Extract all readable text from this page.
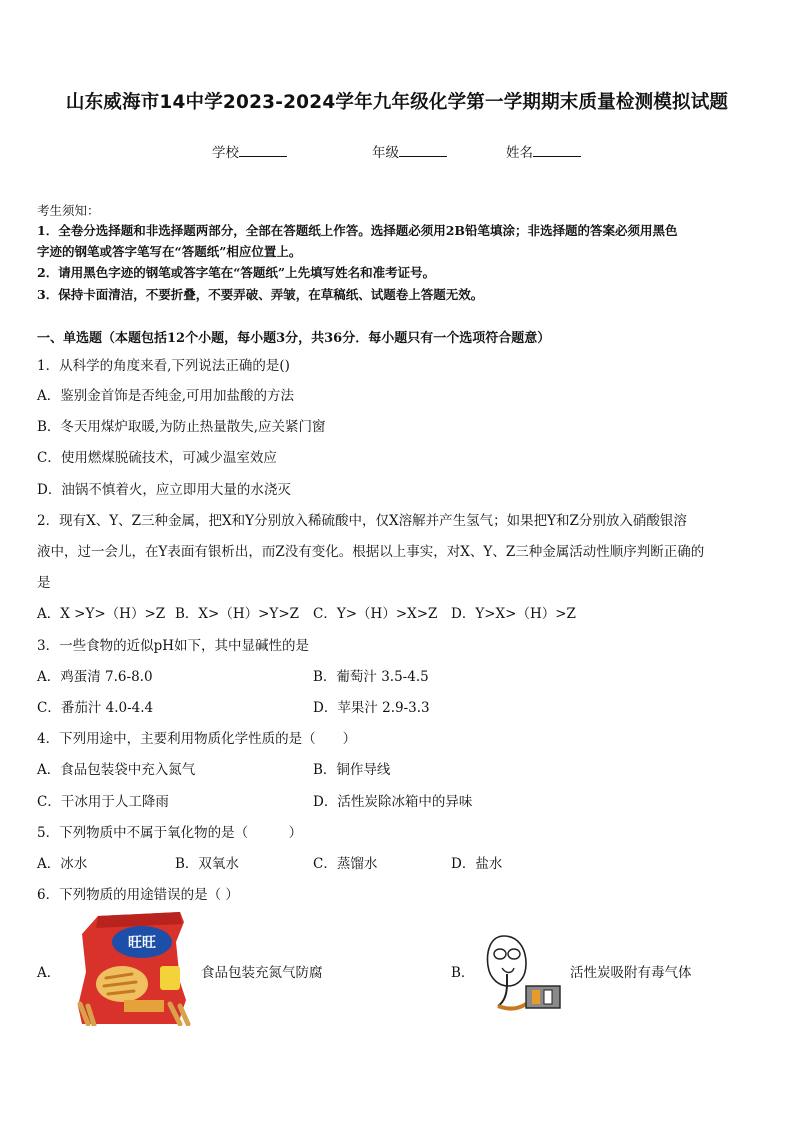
山东威海市14中学2023-2024学年九年级化学第一学期期末质量检测模拟试题
学校	年级	姓名
考生须知：
1．全卷分选择题和非选择题两部分，全部在答题纸上作答。选择题必须用2B铅笔填涂；非选择题的答案必须用黑色
字迹的钢笔或答字笔写在“答题纸”相应位置上。
2．请用黑色字迹的钢笔或答字笔在“答题纸”上先填写姓名和准考证号。
3．保持卡面清洁，不要折叠，不要弄破、弄皱，在草稿纸、试题卷上答题无效。
一、单选题（本题包括12个小题，每小题3分，共36分．每小题只有一个选项符合题意）
1．从科学的角度来看,下列说法正确的是()
A．鉴别金首饰是否纯金,可用加盐酸的方法
B．冬天用煤炉取暖,为防止热量散失,应关紧门窗
C．使用燃煤脱硫技术，可减少温室效应
D．油锅不慎着火，应立即用大量的水浇灭
2．现有X、Y、Z三种金属，把X和Y分别放入稀硫酸中，仅X溶解并产生氢气；如果把Y和Z分别放入硝酸银溶
液中，过一会儿，在Y表面有银析出，而Z没有变化。根据以上事实，对X、Y、Z三种金属活动性顺序判断正确的
是
A．X >Y>（H）>Z B．X>（H）>Y>Z C．Y>（H）>X>Z D．Y>X>（H）>Z
3．一些食物的近似pH如下，其中显碱性的是
A．鸡蛋清 7.6-8.0	B．葡萄汁 3.5-4.5
C．番茄汁 4.0-4.4	D．苹果汁 2.9-3.3
4．下列用途中，主要利用物质化学性质的是（　　）
A．食品包装袋中充入氮气	B．铜作导线
C．干冰用于人工降雨	D．活性炭除冰箱中的异味
5．下列物质中不属于氧化物的是（　　　）
A．冰水	B．双氧水	C．蒸馏水	D．盐水
6．下列物质的用途错误的是（ ）
A．
旺旺
食品包装充氮气防腐	B．	活性炭吸附有毒气体
